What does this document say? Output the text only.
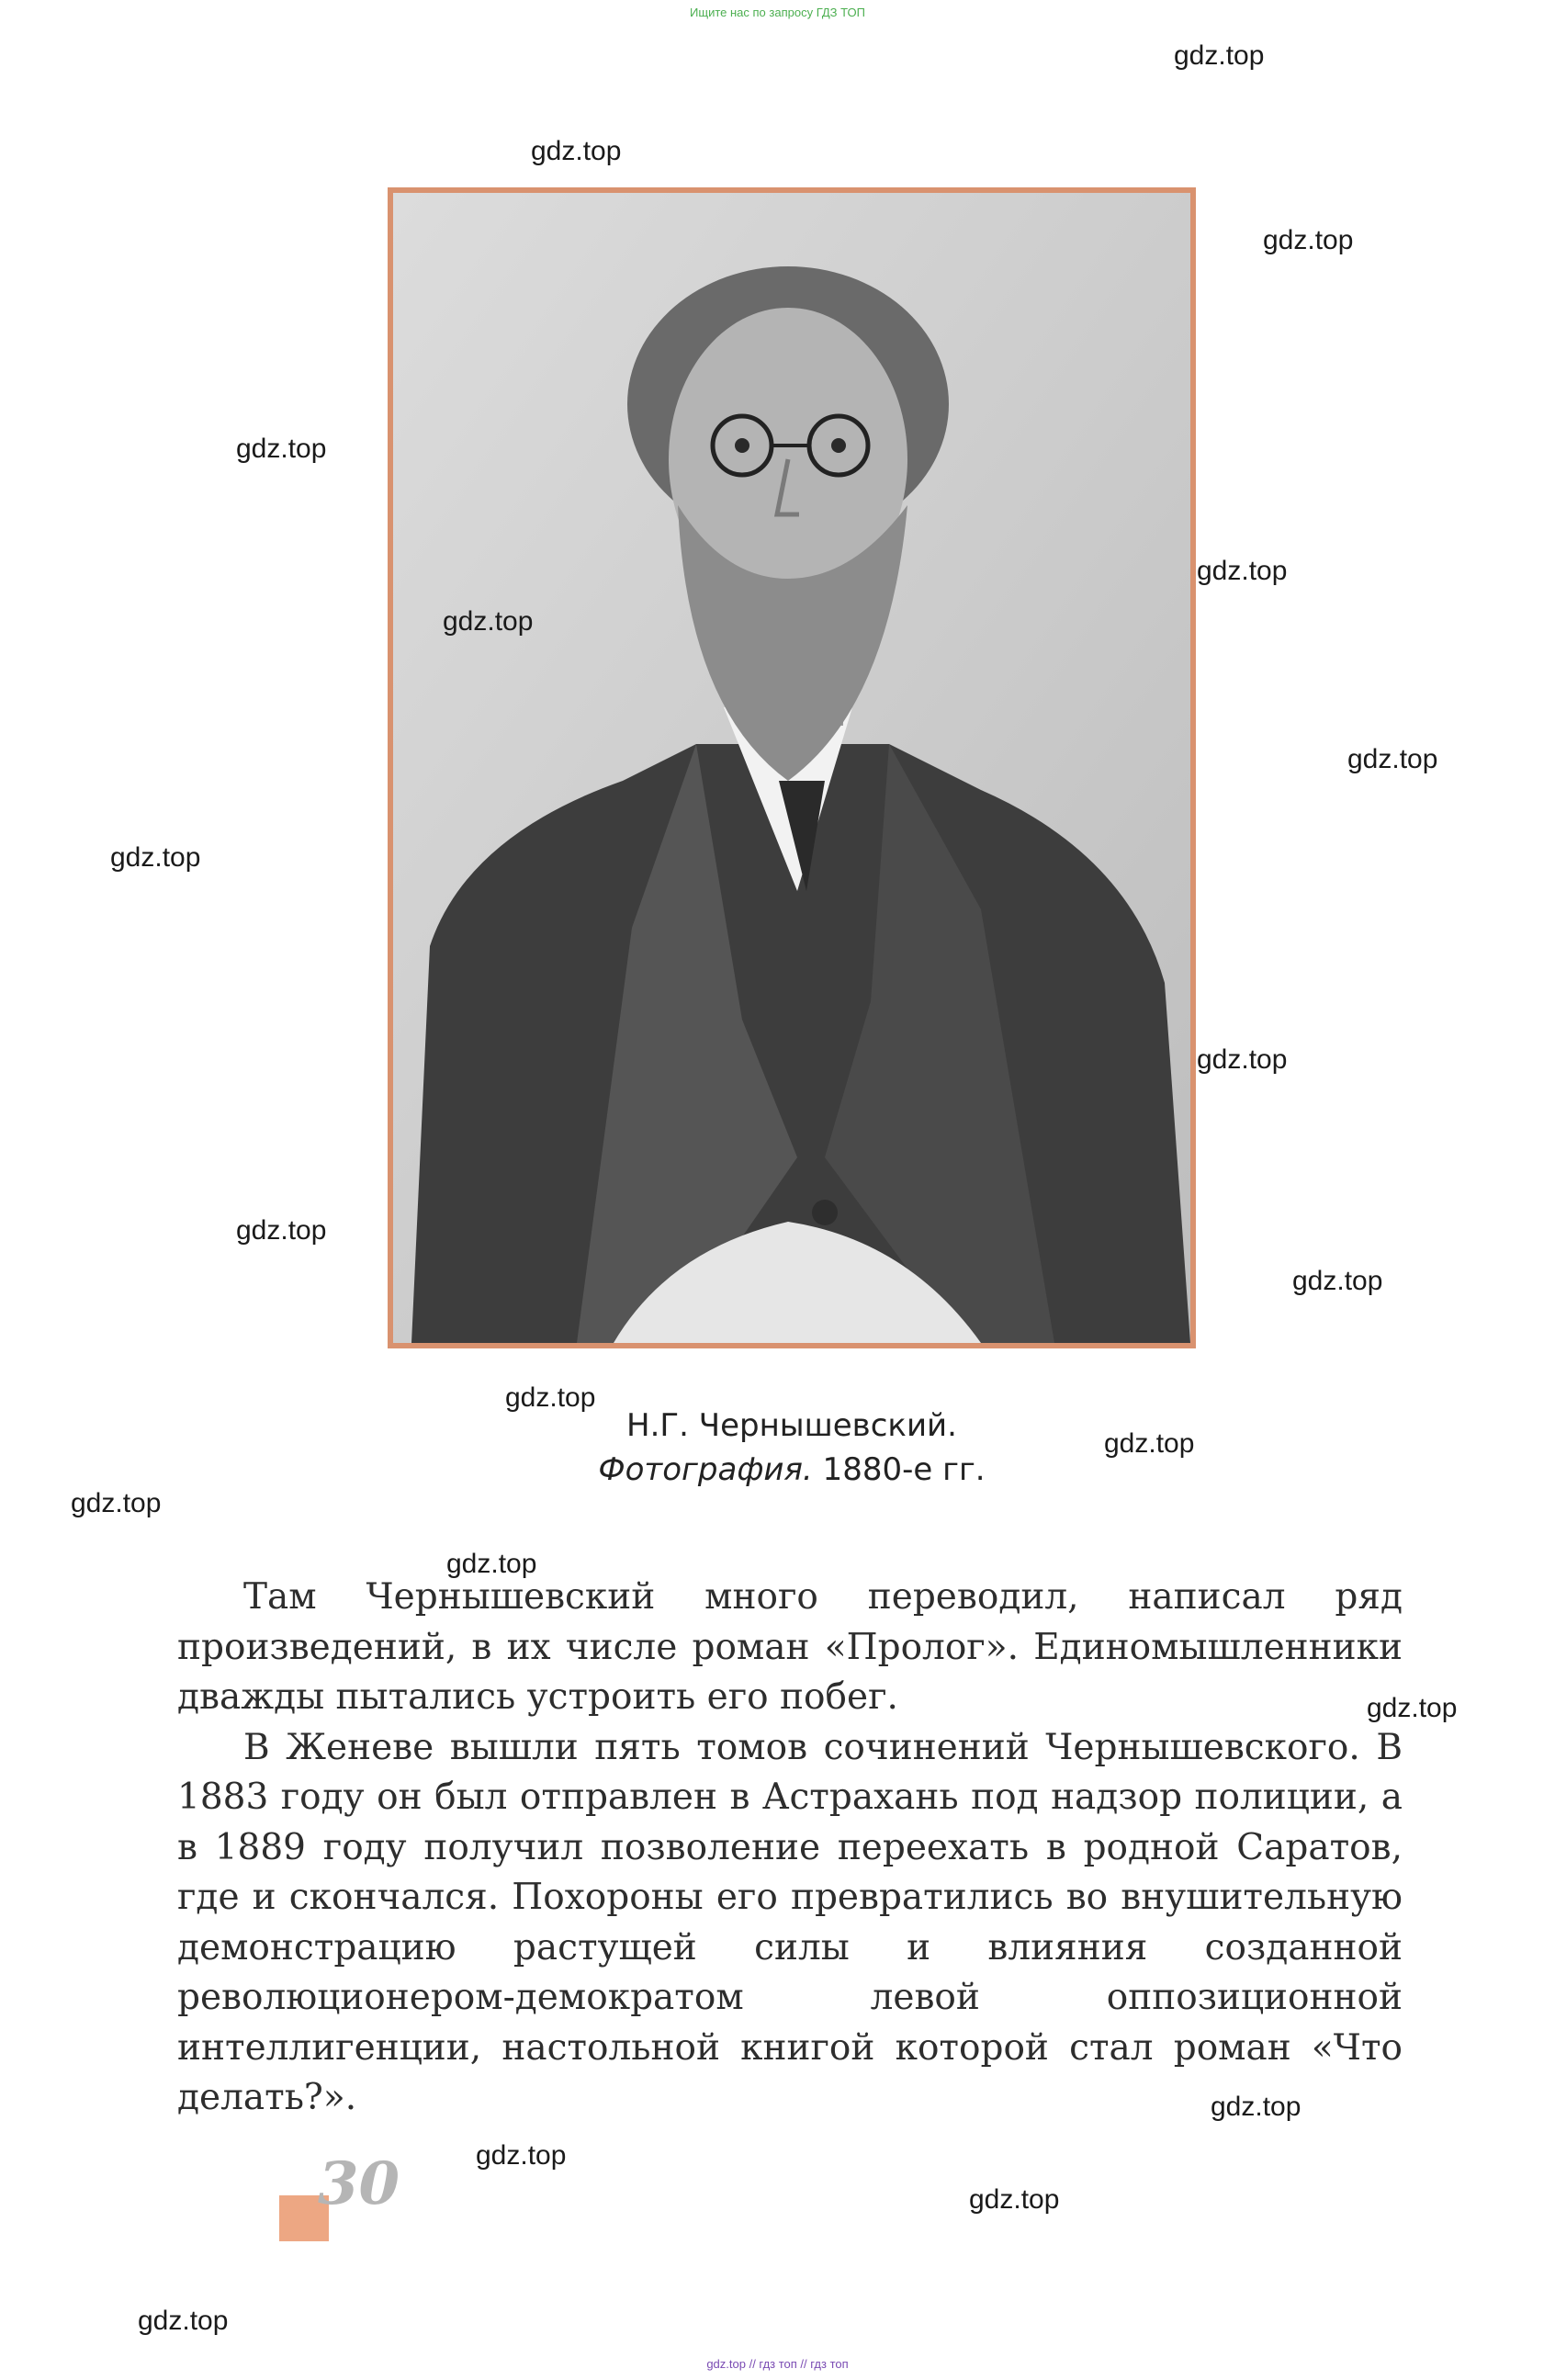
Ищите нас по запросу ГДЗ ТОП
Н.Г. Чернышевский.
Фотография. 1880-е гг.

Там Чернышевский много переводил, написал ряд произведений, в их числе роман «Пролог». Единомышленники дважды пытались устроить его побег.

В Женеве вышли пять томов сочинений Чернышевского. В 1883 году он был отправлен в Астрахань под надзор полиции, а в 1889 году получил позволение переехать в родной Саратов, где и скончался. Похороны его превратились во внушительную демонстрацию растущей силы и влияния созданной революционером-демократом левой оппозиционной интеллигенции, настольной книгой которой стал роман «Что делать?».

30
gdz.top
gdz.top
gdz.top
gdz.top
gdz.top
gdz.top
gdz.top
gdz.top
gdz.top
gdz.top
gdz.top
gdz.top
gdz.top
gdz.top
gdz.top
gdz.top
gdz.top
gdz.top
gdz.top
gdz.top
gdz.top // гдз топ // гдз топ
